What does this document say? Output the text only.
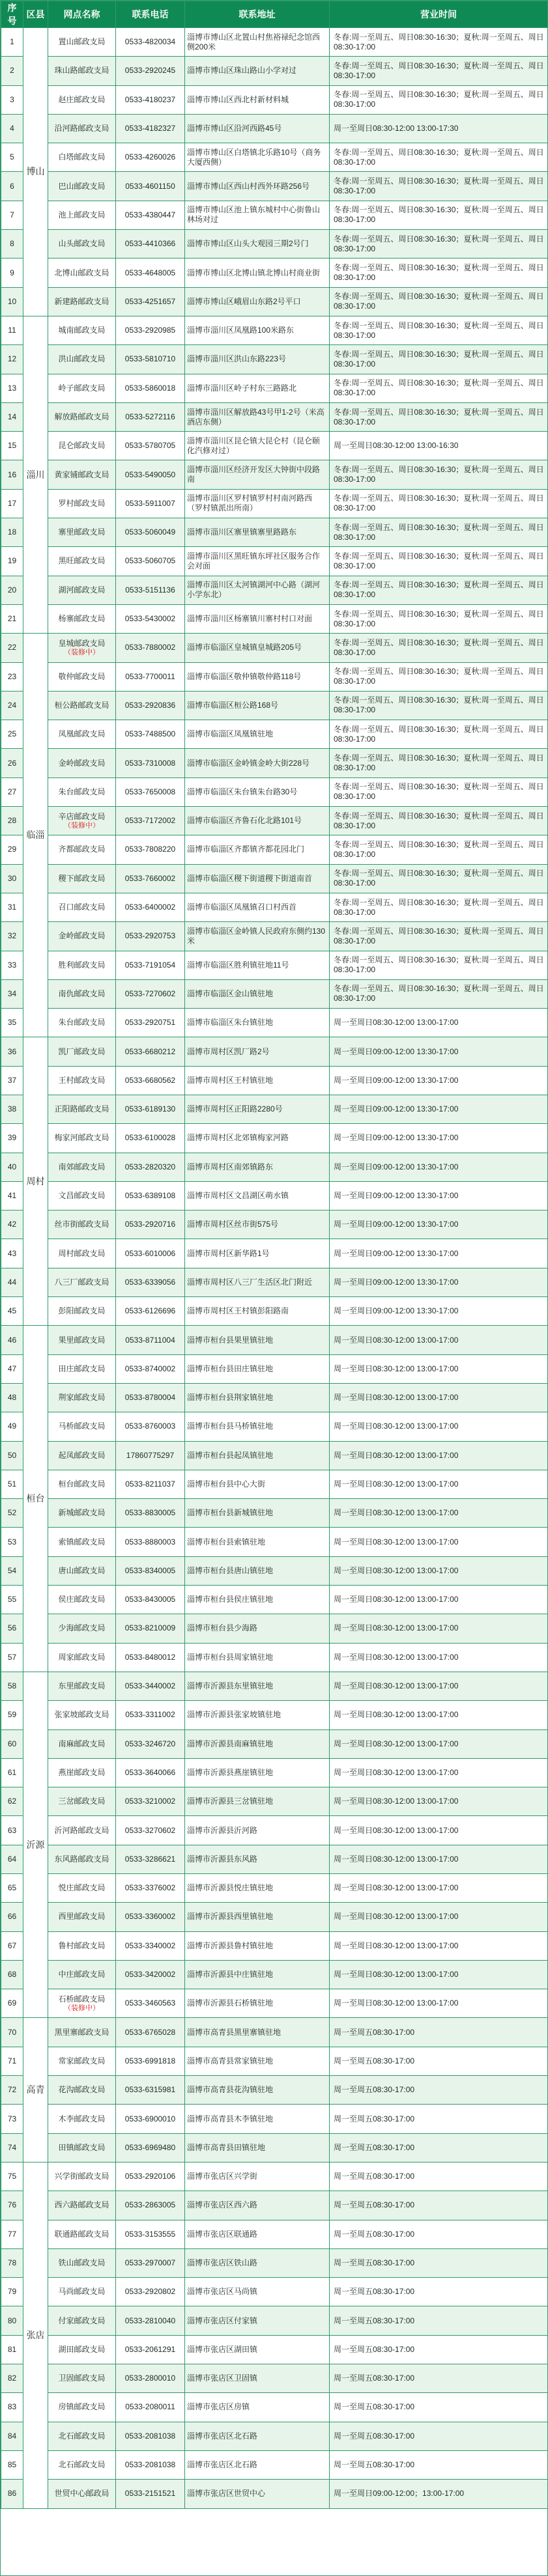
序号	区县	网点名称	联系电话	联系地址	营业时间
1	博山	置山邮政支局	0533-4820034	淄博市博山区北置山村焦裕禄纪念馆西侧200米	冬春:周一至周五、周日08:30-16:30；夏秋:周一至周五、周日08:30-17:00
2		珠山路邮政支局	0533-2920245	淄博市博山区珠山路山小学对过	冬春:周一至周五、周日08:30-16:30；夏秋:周一至周五、周日08:30-17:00
3		赵庄邮政支局	0533-4180237	淄博市博山区西北村新材料城	冬春:周一至周五、周日08:30-16:30；夏秋:周一至周五、周日08:30-17:00
4		沿河路邮政支局	0533-4182327	淄博市博山区沿河西路45号	周一至周日08:30-12:00 13:00-17:30
5		白塔邮政支局	0533-4260026	淄博市博山区白塔镇北乐路10号（商务大厦西侧）	冬春:周一至周五、周日08:30-16:30；夏秋:周一至周五、周日08:30-17:00
6		巴山邮政支局	0533-4601150	淄博市博山区西山村西外环路256号	冬春:周一至周五、周日08:30-16:30；夏秋:周一至周五、周日08:30-17:00
7		池上邮政支局	0533-4380447	淄博市博山区池上镇东城村中心街鲁山林场对过	冬春:周一至周五、周日08:30-16:30；夏秋:周一至周五、周日08:30-17:00
8		山头邮政支局	0533-4410366	淄博市博山区山头大观园三期2号门	冬春:周一至周五、周日08:30-16:30；夏秋:周一至周五、周日08:30-17:00
9		北博山邮政支局	0533-4648005	淄博市博山区北博山镇北博山村商业街	冬春:周一至周五、周日08:30-16:30；夏秋:周一至周五、周日08:30-17:00
10		新建路邮政支局	0533-4251657	淄博市博山区峨眉山东路2号平口	冬春:周一至周五、周日08:30-16:30；夏秋:周一至周五、周日08:30-17:00
11	淄川	城南邮政支局	0533-2920985	淄博市淄川区凤凰路100米路东	冬春:周一至周五、周日08:30-16:30；夏秋:周一至周五、周日08:30-17:00
12		洪山邮政支局	0533-5810710	淄博市淄川区洪山东路223号	冬春:周一至周五、周日08:30-16:30；夏秋:周一至周五、周日08:30-17:00
13		岭子邮政支局	0533-5860018	淄博市淄川区岭子村东三路路北	冬春:周一至周五、周日08:30-16:30；夏秋:周一至周五、周日08:30-17:00
14		解放路邮政支局	0533-5272116	淄博市淄川区解放路43号甲1-2号（米高酒店东侧）	冬春:周一至周五、周日08:30-16:30；夏秋:周一至周五、周日08:30-17:00
15		昆仑邮政支局	0533-5780705	淄博市淄川区昆仑镇大昆仑村（昆仑颐化汽修对过）	周一至周日08:30-12:00 13:00-16:30
16		黄家铺邮政支局	0533-5490050	淄博市淄川区经济开发区大钟街中段路南	冬春:周一至周五、周日08:30-16:30；夏秋:周一至周五、周日08:30-17:00
17		罗村邮政支局	0533-5911007	淄博市淄川区罗村镇罗村村南河路西（罗村镇派出所南）	冬春:周一至周五、周日08:30-16:30；夏秋:周一至周五、周日08:30-17:00
18		寨里邮政支局	0533-5060049	淄博市淄川区寨里镇寨里路路东	冬春:周一至周五、周日08:30-16:30；夏秋:周一至周五、周日08:30-17:00
19		黑旺邮政支局	0533-5060705	淄博市淄川区黑旺镇东坪社区服务合作会对面	冬春:周一至周五、周日08:30-16:30；夏秋:周一至周五、周日08:30-17:00
20		湖河邮政支局	0533-5151136	淄博市淄川区太河镇湖河中心路（湖河小学东北）	冬春:周一至周五、周日08:30-16:30；夏秋:周一至周五、周日08:30-17:00
21		杨寨邮政支局	0533-5430002	淄博市淄川区杨寨镇川寨村村口对面	冬春:周一至周五、周日08:30-16:30；夏秋:周一至周五、周日08:30-17:00
22	临淄	皇城邮政支局
（装修中）	0533-7880002	淄博市临淄区皇城镇皇城路205号	冬春:周一至周五、周日08:30-16:30；夏秋:周一至周五、周日08:30-17:00
23		敬仲邮政支局	0533-7700011	淄博市临淄区敬仲镇敬仲路118号	冬春:周一至周五、周日08:30-16:30；夏秋:周一至周五、周日08:30-17:00
24		桓公路邮政支局	0533-2920836	淄博市临淄区桓公路168号	冬春:周一至周五、周日08:30-16:30；夏秋:周一至周五、周日08:30-17:00
25		凤凰邮政支局	0533-7488500	淄博市临淄区凤凰镇驻地	冬春:周一至周五、周日08:30-16:30；夏秋:周一至周五、周日08:30-17:00
26		金岭邮政支局	0533-7310008	淄博市临淄区金岭镇金岭大街228号	冬春:周一至周五、周日08:30-16:30；夏秋:周一至周五、周日08:30-17:00
27		朱台邮政支局	0533-7650008	淄博市临淄区朱台镇朱台路30号	冬春:周一至周五、周日08:30-16:30；夏秋:周一至周五、周日08:30-17:00
28		辛店邮政支局
（装修中）	0533-7172002	淄博市临淄区齐鲁石化北路101号	冬春:周一至周五、周日08:30-16:30；夏秋:周一至周五、周日08:30-17:00
29		齐都邮政支局	0533-7808220	淄博市临淄区齐都镇齐都花园北门	冬春:周一至周五、周日08:30-16:30；夏秋:周一至周五、周日08:30-17:00
30		稷下邮政支局	0533-7660002	淄博市临淄区稷下街道稷下街道南首	冬春:周一至周五、周日08:30-16:30；夏秋:周一至周五、周日08:30-17:00
31		召口邮政支局	0533-6400002	淄博市临淄区凤凰镇召口村西首	冬春:周一至周五、周日08:30-16:30；夏秋:周一至周五、周日08:30-17:00
32		金岭邮政支局	0533-2920753	淄博市临淄区金岭镇人民政府东侧约130米	冬春:周一至周五、周日08:30-16:30；夏秋:周一至周五、周日08:30-17:00
33		胜利邮政支局	0533-7191054	淄博市临淄区胜利镇驻地11号	冬春:周一至周五、周日08:30-16:30；夏秋:周一至周五、周日08:30-17:00
34		南仇邮政支局	0533-7270602	淄博市临淄区金山镇驻地	冬春:周一至周五、周日08:30-16:30；夏秋:周一至周五、周日08:30-17:00
35		朱台邮政支局	0533-2920751	淄博市临淄区朱台镇驻地	周一至周日08:30-12:00 13:00-17:00
36	周村	凯厂邮政支局	0533-6680212	淄博市周村区凯厂路2号	周一至周日09:00-12:00 13:30-17:00
37		王村邮政支局	0533-6680562	淄博市周村区王村镇驻地	周一至周日09:00-12:00 13:30-17:00
38		正阳路邮政支局	0533-6189130	淄博市周村区正阳路2280号	周一至周日09:00-12:00 13:30-17:00
39		梅家河邮政支局	0533-6100028	淄博市周村区北郊镇梅家河路	周一至周日09:00-12:00 13:30-17:00
40		南郊邮政支局	0533-2820320	淄博市周村区南郊镇路东	周一至周日09:00-12:00 13:30-17:00
41		文昌邮政支局	0533-6389108	淄博市周村区文昌湖区萌水镇	周一至周日09:00-12:00 13:30-17:00
42		丝市街邮政支局	0533-2920716	淄博市周村区丝市街575号	周一至周日09:00-12:00 13:30-17:00
43		周村邮政支局	0533-6010006	淄博市周村区新华路1号	周一至周日09:00-12:00 13:30-17:00
44		八三厂邮政支局	0533-6339056	淄博市周村区八三厂生活区北门附近	周一至周日09:00-12:00 13:30-17:00
45		彭阳邮政支局	0533-6126696	淄博市周村区王村镇彭阳路南	周一至周日09:00-12:00 13:30-17:00
46	桓台	果里邮政支局	0533-8711004	淄博市桓台县果里镇驻地	周一至周日08:30-12:00 13:00-17:00
47		田庄邮政支局	0533-8740002	淄博市桓台县田庄镇驻地	周一至周日08:30-12:00 13:00-17:00
48		荆家邮政支局	0533-8780004	淄博市桓台县荆家镇驻地	周一至周日08:30-12:00 13:00-17:00
49		马桥邮政支局	0533-8760003	淄博市桓台县马桥镇驻地	周一至周日08:30-12:00 13:00-17:00
50		起凤邮政支局	17860775297	淄博市桓台县起凤镇驻地	周一至周日08:30-12:00 13:00-17:00
51		桓台邮政支局	0533-8211037	淄博市桓台县中心大街	周一至周日08:30-12:00 13:00-17:00
52		新城邮政支局	0533-8830005	淄博市桓台县新城镇驻地	周一至周日08:30-12:00 13:00-17:00
53		索镇邮政支局	0533-8880003	淄博市桓台县索镇驻地	周一至周日08:30-12:00 13:00-17:00
54		唐山邮政支局	0533-8340005	淄博市桓台县唐山镇驻地	周一至周日08:30-12:00 13:00-17:00
55		侯庄邮政支局	0533-8430005	淄博市桓台县侯庄镇驻地	周一至周日08:30-12:00 13:00-17:00
56		少海邮政支局	0533-8210009	淄博市桓台县少海路	周一至周日08:30-12:00 13:00-17:00
57		周家邮政支局	0533-8480012	淄博市桓台县周家镇驻地	周一至周日08:30-12:00 13:00-17:00
58	沂源	东里邮政支局	0533-3440002	淄博市沂源县东里镇驻地	周一至周日08:30-12:00 13:00-17:00
59		张家坡邮政支局	0533-3311002	淄博市沂源县张家坡镇驻地	周一至周日08:30-12:00 13:00-17:00
60		南麻邮政支局	0533-3246720	淄博市沂源县南麻镇驻地	周一至周日08:30-12:00 13:00-17:00
61		燕崖邮政支局	0533-3640066	淄博市沂源县燕崖镇驻地	周一至周日08:30-12:00 13:00-17:00
62		三岔邮政支局	0533-3210002	淄博市沂源县三岔镇驻地	周一至周日08:30-12:00 13:00-17:00
63		沂河路邮政支局	0533-3270602	淄博市沂源县沂河路	周一至周日08:30-12:00 13:00-17:00
64		东风路邮政支局	0533-3286621	淄博市沂源县东风路	周一至周日08:30-12:00 13:00-17:00
65		悦庄邮政支局	0533-3376002	淄博市沂源县悦庄镇驻地	周一至周日08:30-12:00 13:00-17:00
66		西里邮政支局	0533-3360002	淄博市沂源县西里镇驻地	周一至周日08:30-12:00 13:00-17:00
67		鲁村邮政支局	0533-3340002	淄博市沂源县鲁村镇驻地	周一至周日08:30-12:00 13:00-17:00
68		中庄邮政支局	0533-3420002	淄博市沂源县中庄镇驻地	周一至周日08:30-12:00 13:00-17:00
69		石桥邮政支局
（装修中）	0533-3460563	淄博市沂源县石桥镇驻地	周一至周日08:30-12:00 13:00-17:00
70	高青	黑里寨邮政支局	0533-6765028	淄博市高青县黑里寨镇驻地	周一至周五08:30-17:00
71		常家邮政支局	0533-6991818	淄博市高青县常家镇驻地	周一至周五08:30-17:00
72		花沟邮政支局	0533-6315981	淄博市高青县花沟镇驻地	周一至周五08:30-17:00
73		木李邮政支局	0533-6900010	淄博市高青县木李镇驻地	周一至周五08:30-17:00
74		田镇邮政支局	0533-6969480	淄博市高青县田镇驻地	周一至周五08:30-17:00
75	张店	兴学街邮政支局	0533-2920106	淄博市张店区兴学街	周一至周五08:30-17:00
76		西六路邮政支局	0533-2863005	淄博市张店区西六路	周一至周五08:30-17:00
77		联通路邮政支局	0533-3153555	淄博市张店区联通路	周一至周五08:30-17:00
78		铁山邮政支局	0533-2970007	淄博市张店区铁山路	周一至周五08:30-17:00
79		马尚邮政支局	0533-2920802	淄博市张店区马尚镇	周一至周五08:30-17:00
80		付家邮政支局	0533-2810040	淄博市张店区付家镇	周一至周五08:30-17:00
81		湖田邮政支局	0533-2061291	淄博市张店区湖田镇	周一至周五08:30-17:00
82		卫固邮政支局	0533-2800010	淄博市张店区卫固镇	周一至周五08:30-17:00
83		房镇邮政支局	0533-2080011	淄博市张店区房镇	周一至周五08:30-17:00
84		北石邮政支局	0533-2081038	淄博市张店区北石路	周一至周五08:30-17:00
85		北石邮政支局	0533-2081038	淄博市张店区北石路	周一至周五08:30-17:00
86		世贸中心邮政局	0533-2151521	淄博市张店区世贸中心	周一至周日09:00-12:00；13:00-17:00
